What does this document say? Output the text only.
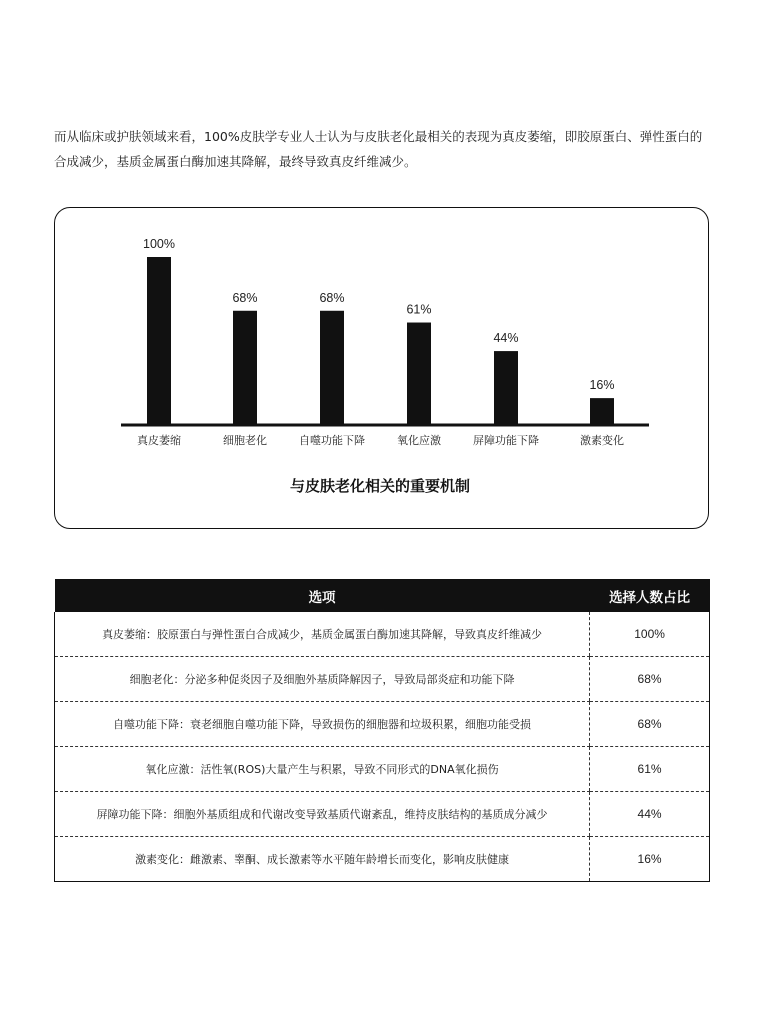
而从临床或护肤领域来看，100%皮肤学专业人士认为与皮肤老化最相关的表现为真皮萎缩，即胶原蛋白、弹性蛋白的合成减少，基质金属蛋白酶加速其降解，最终导致真皮纤维减少。

100%
真皮萎缩
68%
细胞老化
68%
自噬功能下降
61%
氧化应激
44%
屏障功能下降
16%
激素变化
与皮肤老化相关的重要机制
选项	选择人数占比
真皮萎缩：胶原蛋白与弹性蛋白合成减少，基质金属蛋白酶加速其降解，导致真皮纤维减少	100%
细胞老化：分泌多种促炎因子及细胞外基质降解因子，导致局部炎症和功能下降	68%
自噬功能下降：衰老细胞自噬功能下降，导致损伤的细胞器和垃圾积累，细胞功能受损	68%
氧化应激：活性氧(ROS)大量产生与积累，导致不同形式的DNA氧化损伤	61%
屏障功能下降：细胞外基质组成和代谢改变导致基质代谢紊乱，维持皮肤结构的基质成分减少	44%
激素变化：雌激素、睾酮、成长激素等水平随年龄增长而变化，影响皮肤健康	16%
